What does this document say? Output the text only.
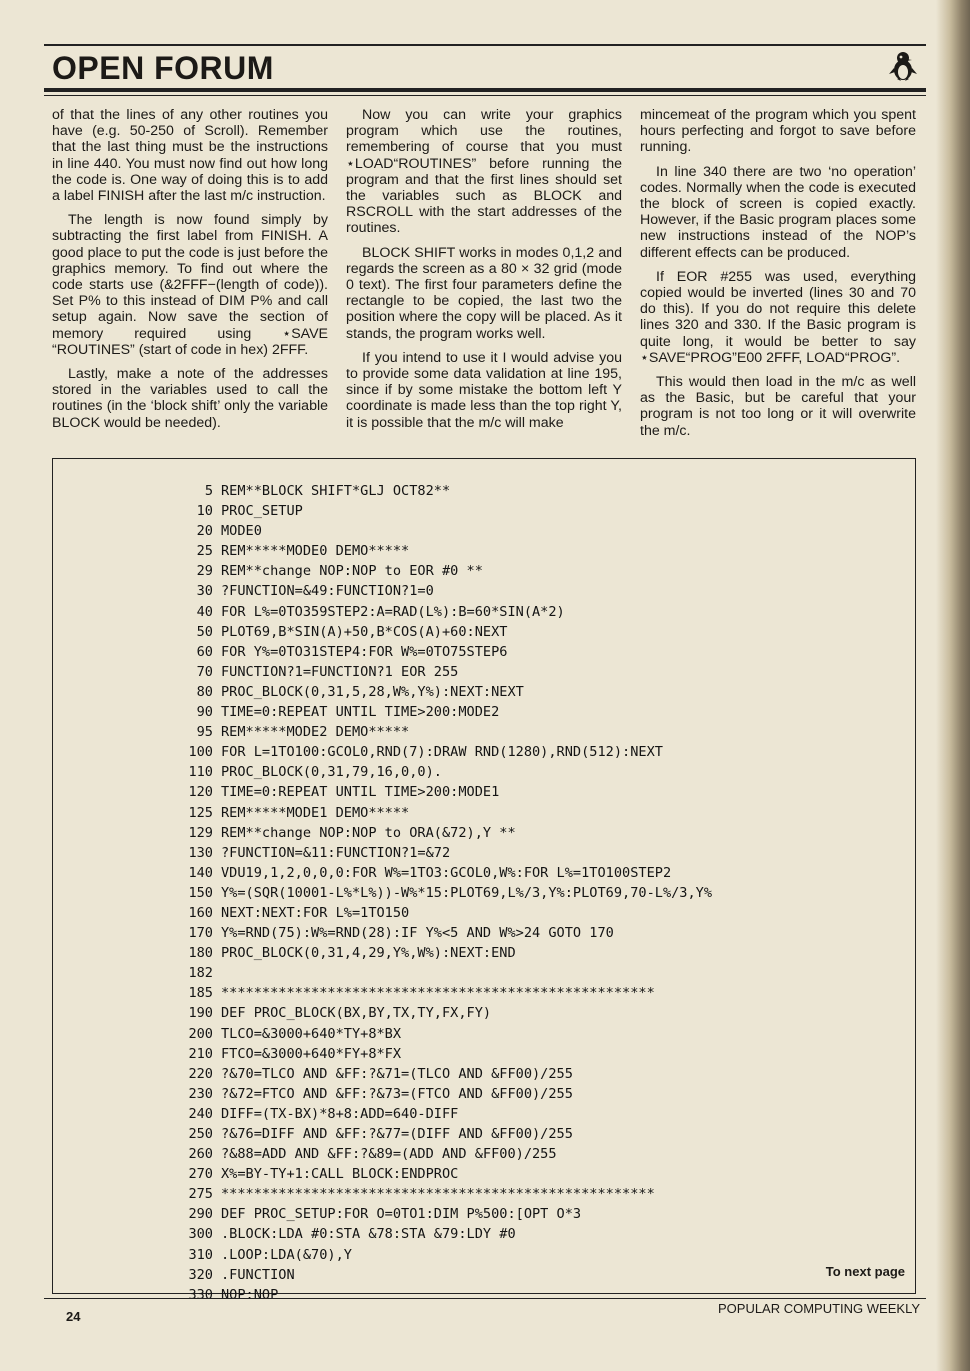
OPEN FORUM

of that the lines of any other routines you have (e.g. 50-250 of Scroll). Remember that the last thing must be the instructions in line 440. You must now find out how long the code is. One way of doing this is to add a label FINISH after the last m/c instruction.

The length is now found simply by subtracting the first label from FINISH. A good place to put the code is just before the graphics memory. To find out where the code starts use (&2FFF−(length of code)). Set P% to this instead of DIM P% and call setup again. Now save the section of memory required using ⋆SAVE “ROUTINES” (start of code in hex) 2FFF.

Lastly, make a note of the addresses stored in the variables used to call the routines (in the ‘block shift’ only the variable BLOCK would be needed).

Now you can write your graphics program which use the routines, remembering of course that you must ⋆LOAD“ROUTINES” before running the program and that the first lines should set the variables such as BLOCK and RSCROLL with the start addresses of the routines.

BLOCK SHIFT works in modes 0,1,2 and regards the screen as a 80 × 32 grid (mode 0 text). The first four parameters define the rectangle to be copied, the last two the position where the copy will be placed. As it stands, the program works well.

If you intend to use it I would advise you to provide some data validation at line 195, since if by some mistake the bottom left Y coordinate is made less than the top right Y, it is possible that the m/c will make

mincemeat of the program which you spent hours perfecting and forgot to save before running.

In line 340 there are two ‘no operation’ codes. Normally when the code is executed the block of screen is copied exactly. However, if the Basic program places some new instructions instead of the NOP’s different effects can be produced.

If EOR #255 was used, everything copied would be inverted (lines 30 and 70 do this). If you do not require this delete lines 320 and 330. If the Basic program is quite long, it would be better to say ⋆SAVE“PROG”E00 2FFF, LOAD“PROG”.

This would then load in the m/c as well as the Basic, but be careful that your program is not too long or it will overwrite the m/c.

5 REM**BLOCK SHIFT*GLJ OCT82**
10 PROC_SETUP
20 MODE0
25 REM*****MODE0 DEMO*****
29 REM**change NOP:NOP to EOR #0 **
30 ?FUNCTION=&49:FUNCTION?1=0
40 FOR L%=0TO359STEP2:A=RAD(L%):B=60*SIN(A*2)
50 PLOT69,B*SIN(A)+50,B*COS(A)+60:NEXT
60 FOR Y%=0TO31STEP4:FOR W%=0TO75STEP6
70 FUNCTION?1=FUNCTION?1 EOR 255
80 PROC_BLOCK(0,31,5,28,W%,Y%):NEXT:NEXT
90 TIME=0:REPEAT UNTIL TIME>200:MODE2
95 REM*****MODE2 DEMO*****
100 FOR L=1TO100:GCOL0,RND(7):DRAW RND(1280),RND(512):NEXT
110 PROC_BLOCK(0,31,79,16,0,0).
120 TIME=0:REPEAT UNTIL TIME>200:MODE1
125 REM*****MODE1 DEMO*****
129 REM**change NOP:NOP to ORA(&72),Y **
130 ?FUNCTION=&11:FUNCTION?1=&72
140 VDU19,1,2,0,0,0:FOR W%=1TO3:GCOL0,W%:FOR L%=1TO100STEP2
150 Y%=(SQR(10001-L%*L%))-W%*15:PLOT69,L%/3,Y%:PLOT69,70-L%/3,Y%
160 NEXT:NEXT:FOR L%=1TO150
170 Y%=RND(75):W%=RND(28):IF Y%<5 AND W%>24 GOTO 170
180 PROC_BLOCK(0,31,4,29,Y%,W%):NEXT:END
182
185 *****************************************************
190 DEF PROC_BLOCK(BX,BY,TX,TY,FX,FY)
200 TLCO=&3000+640*TY+8*BX
210 FTCO=&3000+640*FY+8*FX
220 ?&70=TLCO AND &FF:?&71=(TLCO AND &FF00)/255
230 ?&72=FTCO AND &FF:?&73=(FTCO AND &FF00)/255
240 DIFF=(TX-BX)*8+8:ADD=640-DIFF
250 ?&76=DIFF AND &FF:?&77=(DIFF AND &FF00)/255
260 ?&88=ADD AND &FF:?&89=(ADD AND &FF00)/255
270 X%=BY-TY+1:CALL BLOCK:ENDPROC
275 *****************************************************
290 DEF PROC_SETUP:FOR O=0TO1:DIM P%500:[OPT O*3
300 .BLOCK:LDA #0:STA &78:STA &79:LDY #0
310 .LOOP:LDA(&70),Y
320 .FUNCTION
330 NOP:NOP
To next page
24
POPULAR COMPUTING WEEKLY
